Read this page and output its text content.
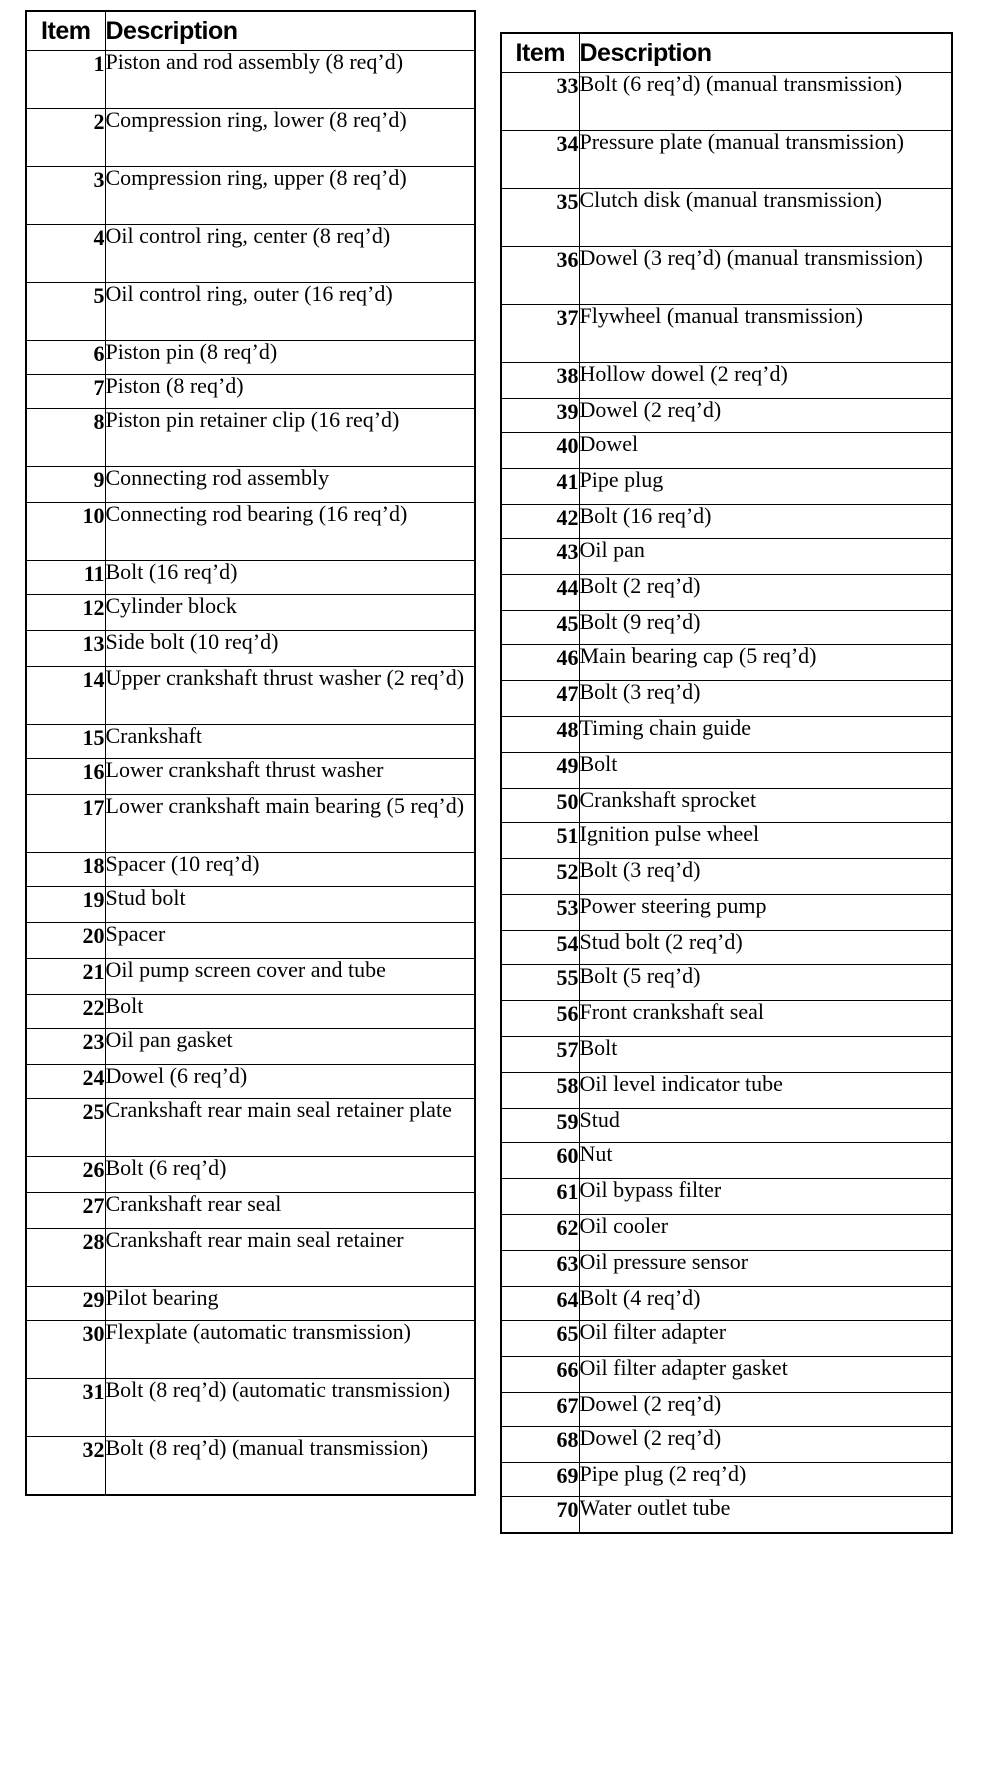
Item	Description
1	Piston and rod assembly (8 req’d)
2	Compression ring, lower (8 req’d)
3	Compression ring, upper (8 req’d)
4	Oil control ring, center (8 req’d)
5	Oil control ring, outer (16 req’d)
6	Piston pin (8 req’d)
7	Piston (8 req’d)
8	Piston pin retainer clip (16 req’d)
9	Connecting rod assembly
10	Connecting rod bearing (16 req’d)
11	Bolt (16 req’d)
12	Cylinder block
13	Side bolt (10 req’d)
14	Upper crankshaft thrust washer (2 req’d)
15	Crankshaft
16	Lower crankshaft thrust washer
17	Lower crankshaft main bearing (5 req’d)
18	Spacer (10 req’d)
19	Stud bolt
20	Spacer
21	Oil pump screen cover and tube
22	Bolt
23	Oil pan gasket
24	Dowel (6 req’d)
25	Crankshaft rear main seal retainer plate
26	Bolt (6 req’d)
27	Crankshaft rear seal
28	Crankshaft rear main seal retainer
29	Pilot bearing
30	Flexplate (automatic transmission)
31	Bolt (8 req’d) (automatic transmission)
32	Bolt (8 req’d) (manual transmission)
Item	Description
33	Bolt (6 req’d) (manual transmission)
34	Pressure plate (manual transmission)
35	Clutch disk (manual transmission)
36	Dowel (3 req’d) (manual transmission)
37	Flywheel (manual transmission)
38	Hollow dowel (2 req’d)
39	Dowel (2 req’d)
40	Dowel
41	Pipe plug
42	Bolt (16 req’d)
43	Oil pan
44	Bolt (2 req’d)
45	Bolt (9 req’d)
46	Main bearing cap (5 req’d)
47	Bolt (3 req’d)
48	Timing chain guide
49	Bolt
50	Crankshaft sprocket
51	Ignition pulse wheel
52	Bolt (3 req’d)
53	Power steering pump
54	Stud bolt (2 req’d)
55	Bolt (5 req’d)
56	Front crankshaft seal
57	Bolt
58	Oil level indicator tube
59	Stud
60	Nut
61	Oil bypass filter
62	Oil cooler
63	Oil pressure sensor
64	Bolt (4 req’d)
65	Oil filter adapter
66	Oil filter adapter gasket
67	Dowel (2 req’d)
68	Dowel (2 req’d)
69	Pipe plug (2 req’d)
70	Water outlet tube
